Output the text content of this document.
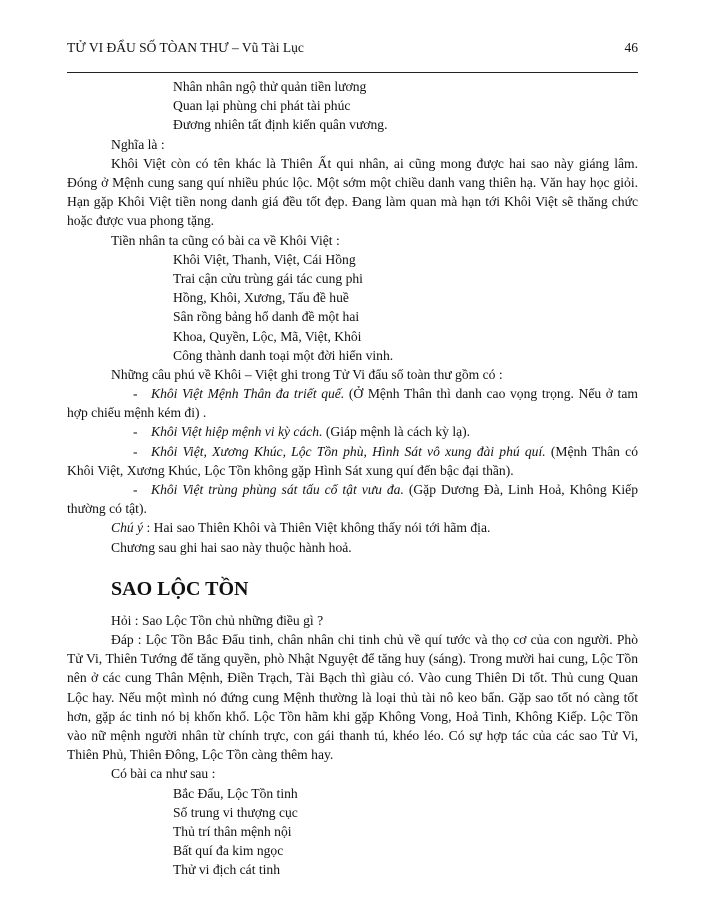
TỬ VI ĐẨU SỐ TÒAN THƯ – Vũ Tài Lục	46
Nhân nhân ngộ thử quản tiền lương
Quan lại phùng chi phát tài phúc
Đương nhiên tất định kiến quân vương.
Nghĩa là :
Khôi Việt còn có tên khác là Thiên Ất qui nhân, ai cũng mong được hai sao này giáng lâm. Đóng ở Mệnh cung sang quí nhiều phúc lộc. Một sớm một chiều danh vang thiên hạ. Văn hay học giỏi. Hạn gặp Khôi Việt tiền nong danh giá đều tốt đẹp. Đang làm quan mà hạn tới Khôi Việt sẽ thăng chức hoặc được vua phong tặng.
Tiền nhân ta cũng có bài ca về Khôi Việt :
Khôi Việt, Thanh, Việt, Cái Hồng
Trai cận cửu trùng gái tác cung phi
Hồng, Khôi, Xương, Tấu đề huề
Sân rồng bảng hổ danh đề một hai
Khoa, Quyền, Lộc, Mã, Việt, Khôi
Công thành danh toại một đời hiển vinh.
Những câu phú về Khôi – Việt ghi trong Tử Vi đẩu số toàn thư gồm có :
- Khôi Việt Mệnh Thân đa triết quế. (Ở Mệnh Thân thì danh cao vọng trọng. Nếu ở tam hợp chiếu mệnh kém đi) .
- Khôi Việt hiệp mệnh vi kỳ cách. (Giáp mệnh là cách kỳ lạ).
- Khôi Việt, Xương Khúc, Lộc Tồn phù, Hình Sát vô xung đài phú quí. (Mệnh Thân có Khôi Việt, Xương Khúc, Lộc Tồn không gặp Hình Sát xung quí đến bậc đại thần).
- Khôi Việt trùng phùng sát tấu cố tật vưu đa. (Gặp Dương Đà, Linh Hoả, Không Kiếp thường có tật).
Chú ý : Hai sao Thiên Khôi và Thiên Việt không thấy nói tới hãm địa.
Chương sau ghi hai sao này thuộc hành hoả.
SAO LỘC TỒN
Hỏi : Sao Lộc Tồn chủ những điều gì ?
Đáp : Lộc Tồn Bắc Đẩu tinh, chân nhân chi tinh chủ về quí tước và thọ cơ của con người. Phò Tử Vi, Thiên Tướng để tăng quyền, phò Nhật Nguyệt để tăng huy (sáng). Trong mười hai cung, Lộc Tồn nên ở các cung Thân Mệnh, Điền Trạch, Tài Bạch thì giàu có. Vào cung Thiên Di tốt. Thủ cung Quan Lộc hay. Nếu một mình nó đứng cung Mệnh thường là loại thủ tài nô keo bẩn. Gặp sao tốt nó càng tốt hơn, gặp ác tinh nó bị khốn khổ. Lộc Tồn hãm khi gặp Không Vong, Hoả Tinh, Không Kiếp. Lộc Tồn vào nữ mệnh người nhân từ chính trực, con gái thanh tú, khéo léo. Có sự hợp tác của các sao Tử Vi, Thiên Phủ, Thiên Đông, Lộc Tồn càng thêm hay.
Có bài ca như sau :
Bắc Đẩu, Lộc Tồn tinh
Số trung vi thượng cục
Thủ trí thân mệnh nội
Bất quí đa kim ngọc
Thử vi địch cát tinh
